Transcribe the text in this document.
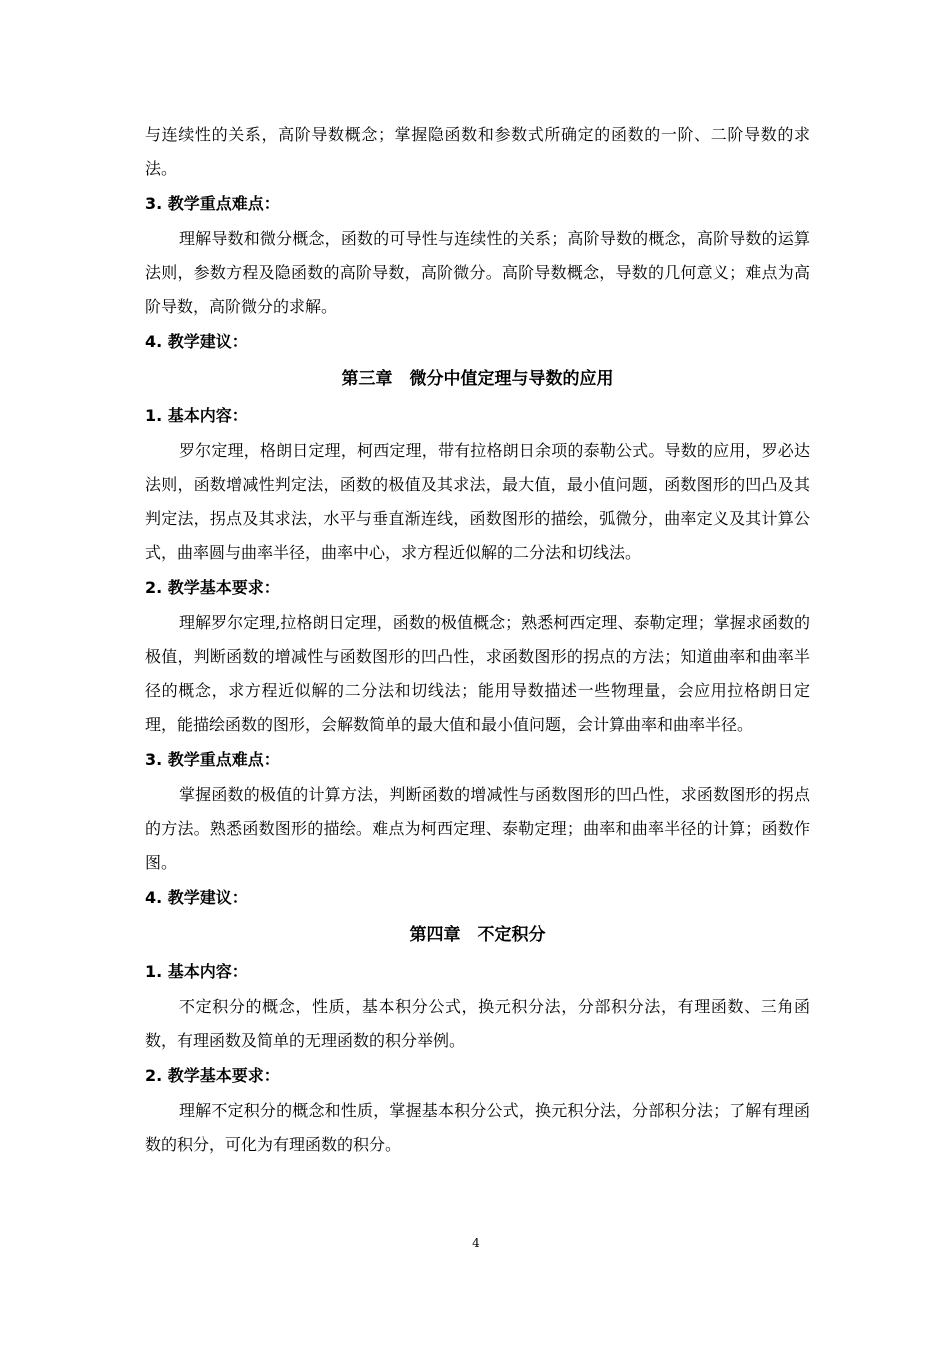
与连续性的关系，高阶导数概念；掌握隐函数和参数式所确定的函数的一阶、二阶导数的求法。

3. 教学重点难点：

理解导数和微分概念，函数的可导性与连续性的关系；高阶导数的概念，高阶导数的运算法则，参数方程及隐函数的高阶导数，高阶微分。高阶导数概念，导数的几何意义；难点为高阶导数，高阶微分的求解。

4. 教学建议：

第三章　微分中值定理与导数的应用

1. 基本内容：

罗尔定理，格朗日定理，柯西定理，带有拉格朗日余项的泰勒公式。导数的应用，罗必达法则，函数增减性判定法，函数的极值及其求法，最大值，最小值问题，函数图形的凹凸及其判定法，拐点及其求法，水平与垂直渐连线，函数图形的描绘，弧微分，曲率定义及其计算公式，曲率圆与曲率半径，曲率中心，求方程近似解的二分法和切线法。

2. 教学基本要求：

理解罗尔定理,拉格朗日定理，函数的极值概念；熟悉柯西定理、泰勒定理；掌握求函数的极值，判断函数的增减性与函数图形的凹凸性，求函数图形的拐点的方法；知道曲率和曲率半径的概念，求方程近似解的二分法和切线法；能用导数描述一些物理量，会应用拉格朗日定理，能描绘函数的图形，会解数简单的最大值和最小值问题，会计算曲率和曲率半径。

3. 教学重点难点：

掌握函数的极值的计算方法，判断函数的增减性与函数图形的凹凸性，求函数图形的拐点的方法。熟悉函数图形的描绘。难点为柯西定理、泰勒定理；曲率和曲率半径的计算；函数作图。

4. 教学建议：

第四章　不定积分

1. 基本内容：

不定积分的概念，性质，基本积分公式，换元积分法，分部积分法，有理函数、三角函数，有理函数及简单的无理函数的积分举例。

2. 教学基本要求：

理解不定积分的概念和性质，掌握基本积分公式，换元积分法，分部积分法；了解有理函数的积分，可化为有理函数的积分。

4
